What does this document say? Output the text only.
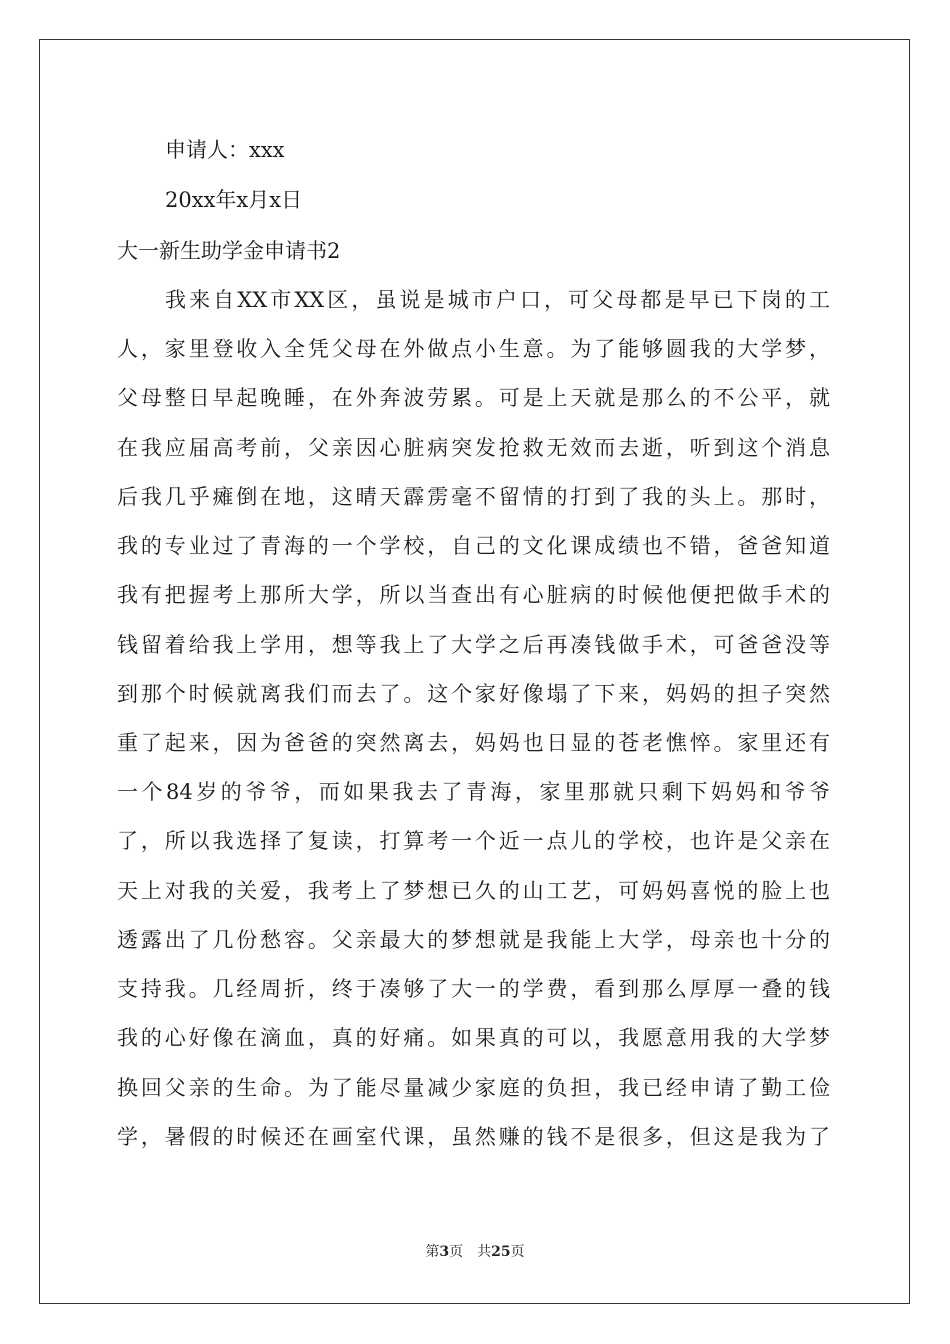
申请人：xxx
20xx年x月x日
大一新生助学金申请书2
我来自XX市XX区，虽说是城市户口，可父母都是早已下岗的工
人，家里登收入全凭父母在外做点小生意。为了能够圆我的大学梦，
父母整日早起晚睡，在外奔波劳累。可是上天就是那么的不公平，就
在我应届高考前，父亲因心脏病突发抢救无效而去逝，听到这个消息
后我几乎瘫倒在地，这晴天霹雳毫不留情的打到了我的头上。那时，
我的专业过了青海的一个学校，自己的文化课成绩也不错，爸爸知道
我有把握考上那所大学，所以当查出有心脏病的时候他便把做手术的
钱留着给我上学用，想等我上了大学之后再凑钱做手术，可爸爸没等
到那个时候就离我们而去了。这个家好像塌了下来，妈妈的担子突然
重了起来，因为爸爸的突然离去，妈妈也日显的苍老憔悴。家里还有
一个84岁的爷爷，而如果我去了青海，家里那就只剩下妈妈和爷爷
了，所以我选择了复读，打算考一个近一点儿的学校，也许是父亲在
天上对我的关爱，我考上了梦想已久的山工艺，可妈妈喜悦的脸上也
透露出了几份愁容。父亲最大的梦想就是我能上大学，母亲也十分的
支持我。几经周折，终于凑够了大一的学费，看到那么厚厚一叠的钱
我的心好像在滴血，真的好痛。如果真的可以，我愿意用我的大学梦
换回父亲的生命。为了能尽量减少家庭的负担，我已经申请了勤工俭
学，暑假的时候还在画室代课，虽然赚的钱不是很多，但这是我为了
第3页 共25页
